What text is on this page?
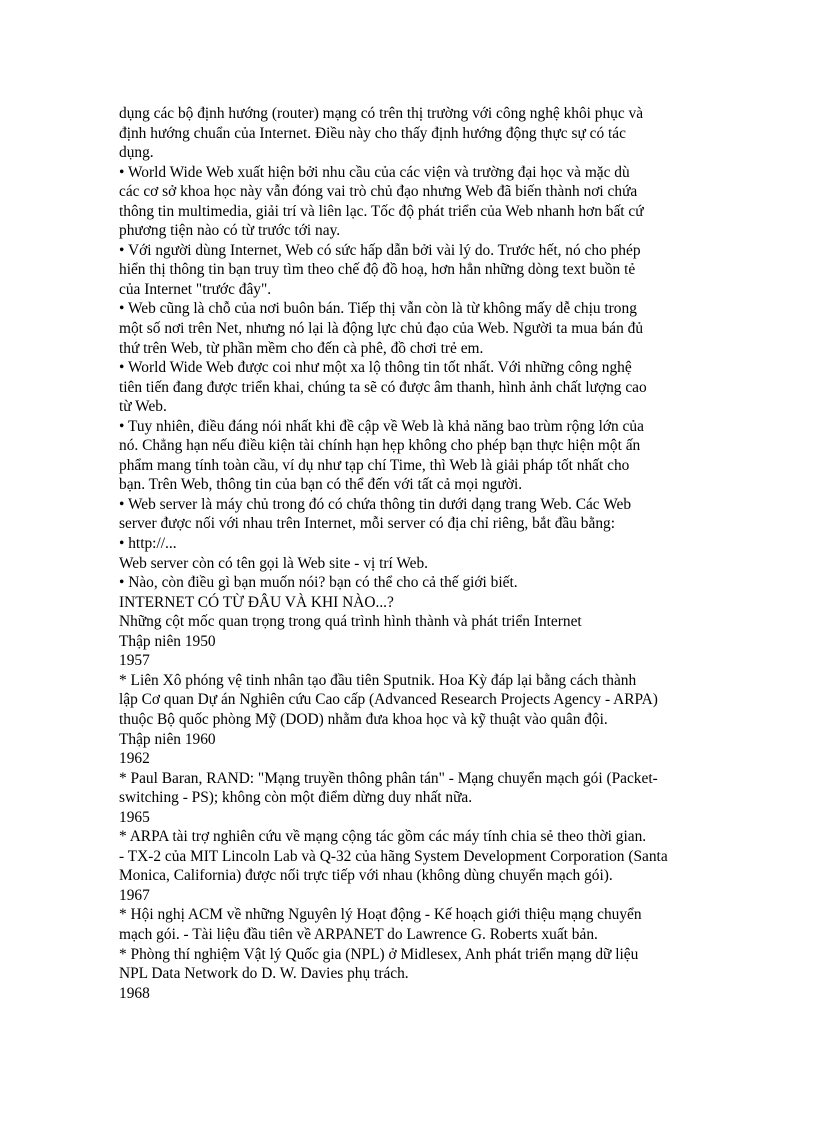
dụng các bộ định hướng (router) mạng có trên thị trường với công nghệ khôi phục và
định hướng chuẩn của Internet. Điều này cho thấy định hướng động thực sự có tác
dụng.
• World Wide Web xuất hiện bởi nhu cầu của các viện và trường đại học và mặc dù
các cơ sở khoa học này vẫn đóng vai trò chủ đạo nhưng Web đã biến thành nơi chứa
thông tin multimedia, giải trí và liên lạc. Tốc độ phát triển của Web nhanh hơn bất cứ
phương tiện nào có từ trước tới nay.
• Với người dùng Internet, Web có sức hấp dẫn bởi vài lý do. Trước hết, nó cho phép
hiển thị thông tin bạn truy tìm theo chế độ đồ hoạ, hơn hẳn những dòng text buồn tẻ
của Internet "trước đây".
• Web cũng là chỗ của nơi buôn bán. Tiếp thị vẫn còn là từ không mấy dễ chịu trong
một số nơi trên Net, nhưng nó lại là động lực chủ đạo của Web. Người ta mua bán đủ
thứ trên Web, từ phần mềm cho đến cà phê, đồ chơi trẻ em.
• World Wide Web được coi như một xa lộ thông tin tốt nhất. Với những công nghệ
tiên tiến đang được triển khai, chúng ta sẽ có được âm thanh, hình ảnh chất lượng cao
từ Web.
• Tuy nhiên, điều đáng nói nhất khi đề cập về Web là khả năng bao trùm rộng lớn của
nó. Chẳng hạn nếu điều kiện tài chính hạn hẹp không cho phép bạn thực hiện một ấn
phẩm mang tính toàn cầu, ví dụ như tạp chí Time, thì Web là giải pháp tốt nhất cho
bạn. Trên Web, thông tin của bạn có thể đến với tất cả mọi người.
• Web server là máy chủ trong đó có chứa thông tin dưới dạng trang Web. Các Web
server được nối với nhau trên Internet, mỗi server có địa chỉ riêng, bắt đầu bằng:
• http://...
Web server còn có tên gọi là Web site - vị trí Web.
• Nào, còn điều gì bạn muốn nói? bạn có thể cho cả thế giới biết.
INTERNET CÓ TỪ ĐÂU VÀ KHI NÀO...?
Những cột mốc quan trọng trong quá trình hình thành và phát triển Internet
Thập niên 1950
1957
* Liên Xô phóng vệ tinh nhân tạo đầu tiên Sputnik. Hoa Kỳ đáp lại bằng cách thành
lập Cơ quan Dự án Nghiên cứu Cao cấp (Advanced Research Projects Agency - ARPA)
thuộc Bộ quốc phòng Mỹ (DOD) nhằm đưa khoa học và kỹ thuật vào quân đội.
Thập niên 1960
1962
* Paul Baran, RAND: "Mạng truyền thông phân tán" - Mạng chuyển mạch gói (Packet-
switching - PS); không còn một điểm dừng duy nhất nữa.
1965
* ARPA tài trợ nghiên cứu về mạng cộng tác gồm các máy tính chia sẻ theo thời gian.
- TX-2 của MIT Lincoln Lab và Q-32 của hãng System Development Corporation (Santa
Monica, California) được nối trực tiếp với nhau (không dùng chuyển mạch gói).
1967
* Hội nghị ACM về những Nguyên lý Hoạt động - Kế hoạch giới thiệu mạng chuyển
mạch gói. - Tài liệu đầu tiên về ARPANET do Lawrence G. Roberts xuất bản.
* Phòng thí nghiệm Vật lý Quốc gia (NPL) ở Midlesex, Anh phát triển mạng dữ liệu
NPL Data Network do D. W. Davies phụ trách.
1968
